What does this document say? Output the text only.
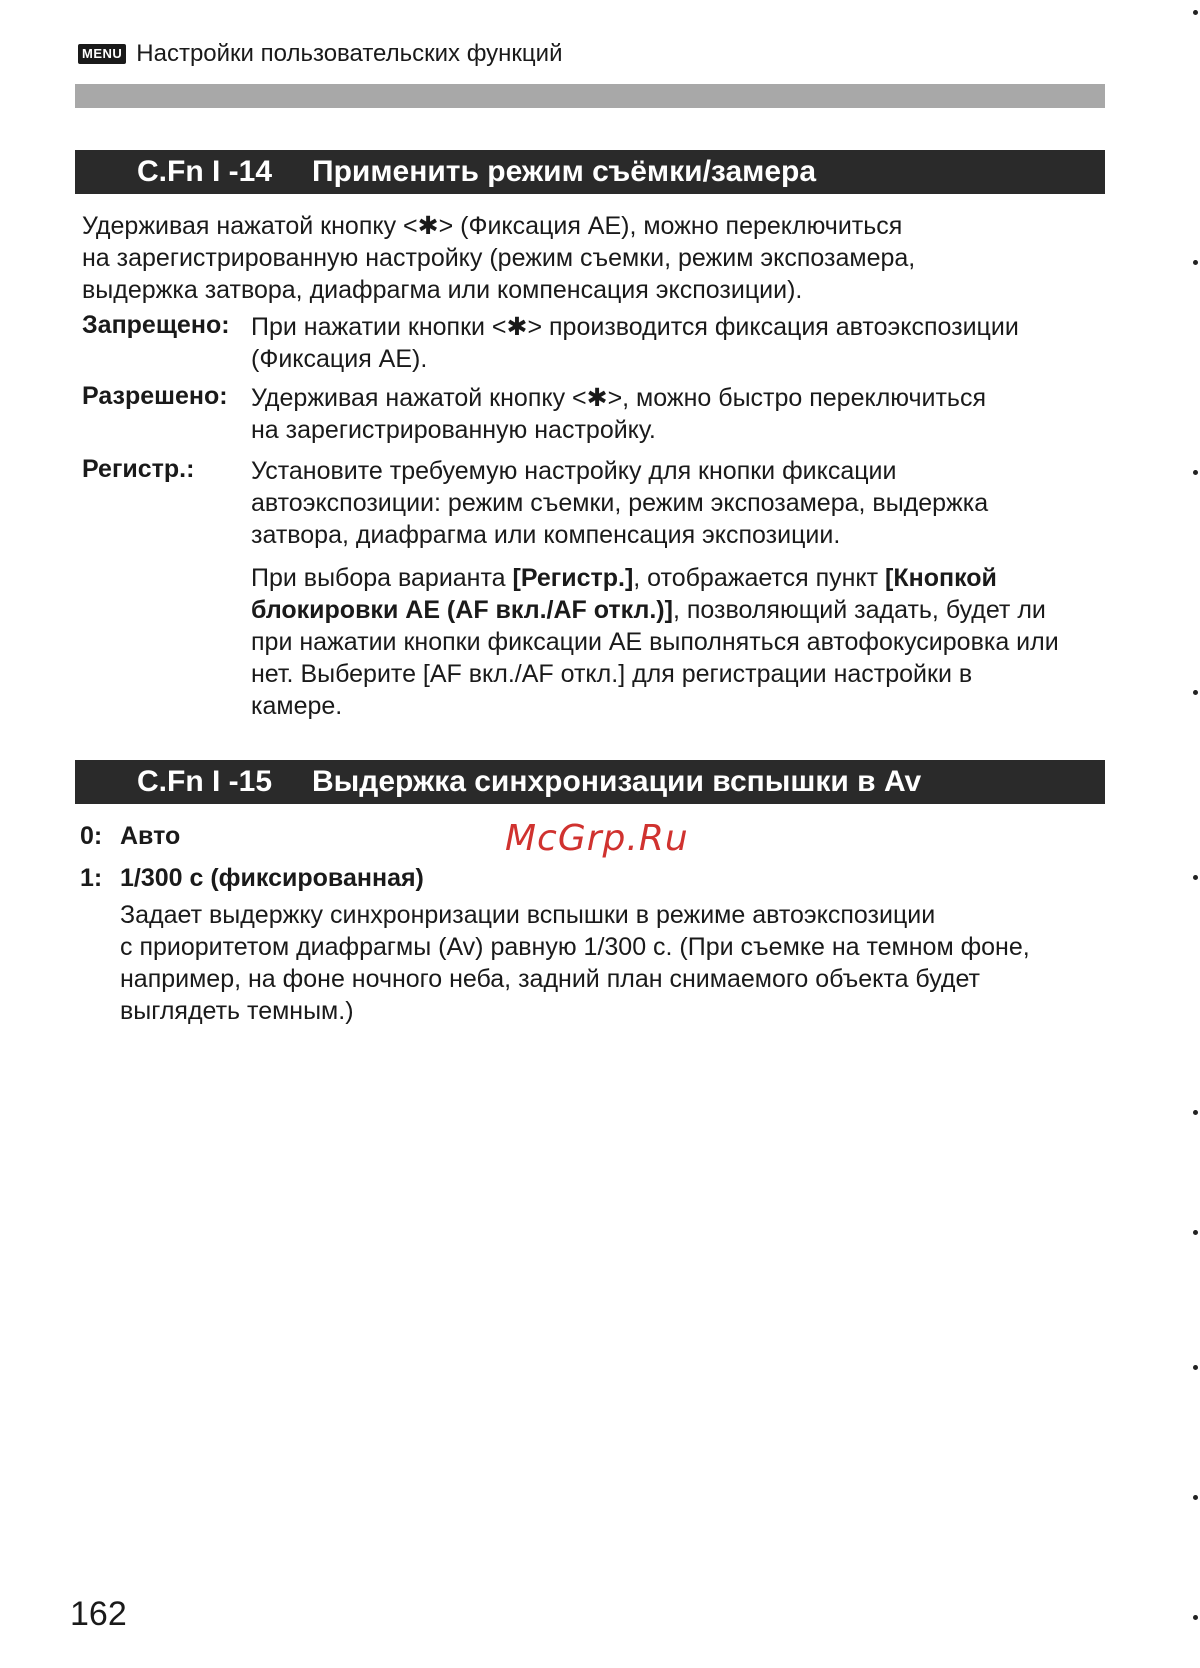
MENU Настройки пользовательских функций
C.Fn I -14	Применить режим съёмки/замера
Удерживая нажатой кнопку <✱> (Фиксация AE), можно переключиться
на зарегистрированную настройку (режим съемки, режим экспозамера,
выдержка затвора, диафрагма или компенсация экспозиции).
Запрещено: При нажатии кнопки <✱> производится фиксация автоэкспозиции
(Фиксация AE).
Разрешено: Удерживая нажатой кнопку <✱>, можно быстро переключиться
на зарегистрированную настройку.
Регистр.: Установите требуемую настройку для кнопки фиксации
автоэкспозиции: режим съемки, режим экспозамера, выдержка
затвора, диафрагма или компенсация экспозиции.
При выбора варианта [Регистр.], отображается пункт [Кнопкой
блокировки AE (AF вкл./AF откл.)], позволяющий задать, будет ли
при нажатии кнопки фиксации AE выполняться автофокусировка или
нет. Выберите [AF вкл./AF откл.] для регистрации настройки в
камере.
C.Fn I -15	Выдержка синхронизации вспышки в Av
0: Авто	McGrp.Ru
1: 1/300 с (фиксированная)
Задает выдержку синхронризации вспышки в режиме автоэкспозиции
с приоритетом диафрагмы (Av) равную 1/300 с. (При съемке на темном фоне,
например, на фоне ночного неба, задний план снимаемого объекта будет
выглядеть темным.)
162
